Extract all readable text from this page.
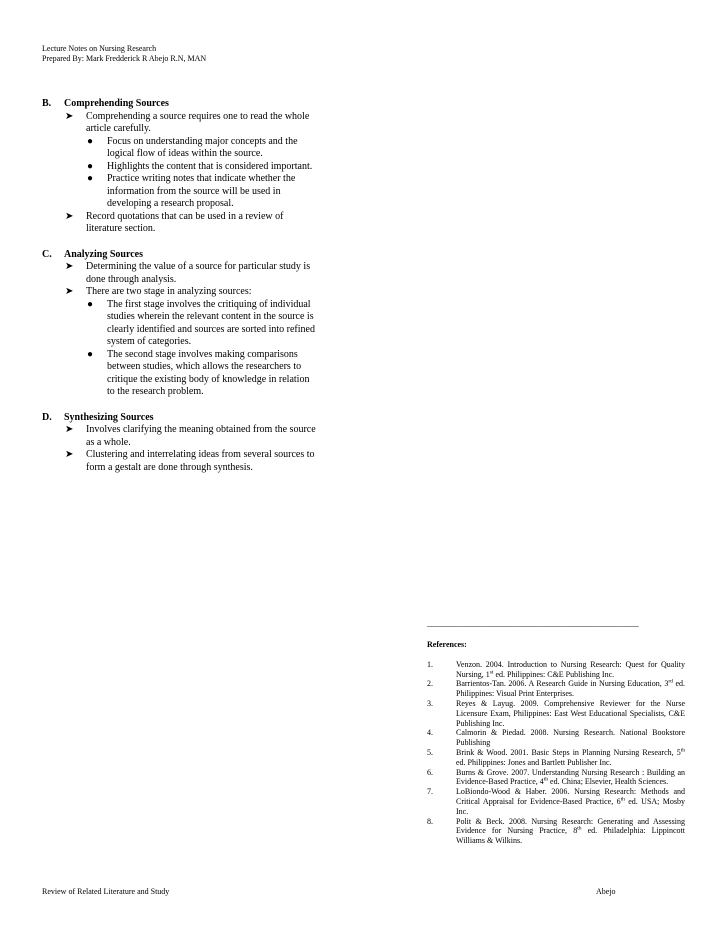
Lecture Notes on Nursing Research
Prepared By: Mark Fredderick R Abejo R.N, MAN
B.	Comprehending Sources
➤	Comprehending a source requires one to read the whole article carefully.
●	Focus on understanding major concepts and the logical flow of ideas within the source.
●	Highlights the content that is considered important.
●	Practice writing notes that indicate whether the information from the source will be used in developing a research proposal.
➤	Record quotations that can be used in a review of literature section.
C.	Analyzing Sources
➤	Determining the value of a source for particular study is done through analysis.
➤	There are two stage in analyzing sources:
●	The first stage involves the critiquing of individual studies wherein the relevant content in the source is clearly identified and sources are sorted into refined system of categories.
●	The second stage involves making comparisons between studies, which allows the researchers to critique the existing body of knowledge in relation to the research problem.
D.	Synthesizing Sources
➤	Involves clarifying the meaning obtained from the source as a whole.
➤	Clustering and interrelating ideas from several sources to form a gestalt are done through synthesis.
_____________________________________________
References:
1.	Venzon. 2004. Introduction to Nursing Research: Quest for Quality Nursing, 1st ed. Philippines: C&E Publishing Inc.
2.	Barrientos-Tan. 2006. A Research Guide in Nursing Education, 3rd ed. Philippines: Visual Print Enterprises.
3.	Reyes & Layug. 2009. Comprehensive Reviewer for the Nurse Licensure Exam, Philippines: East West Educational Specialists, C&E Publishing Inc.
4.	Calmorin & Piedad. 2008. Nursing Research. National Bookstore Publishing
5.	Brink & Wood. 2001. Basic Steps in Planning Nursing Research, 5th ed. Philippines: Jones and Bartlett Publisher Inc.
6.	Burns & Grove. 2007. Understanding Nursing Research : Building an Evidence-Based Practice, 4th ed. China; Elsevier, Health Sciences.
7.	LoBiondo-Wood & Haber. 2006. Nursing Research: Methods and Critical Appraisal for Evidence-Based Practice, 6th ed. USA; Mosby Inc.
8.	Polit & Beck. 2008. Nursing Research: Generating and Assessing Evidence for Nursing Practice, 8th ed. Philadelphia: Lippincott Williams & Wilkins.
Review of Related Literature and Study	Abejo
